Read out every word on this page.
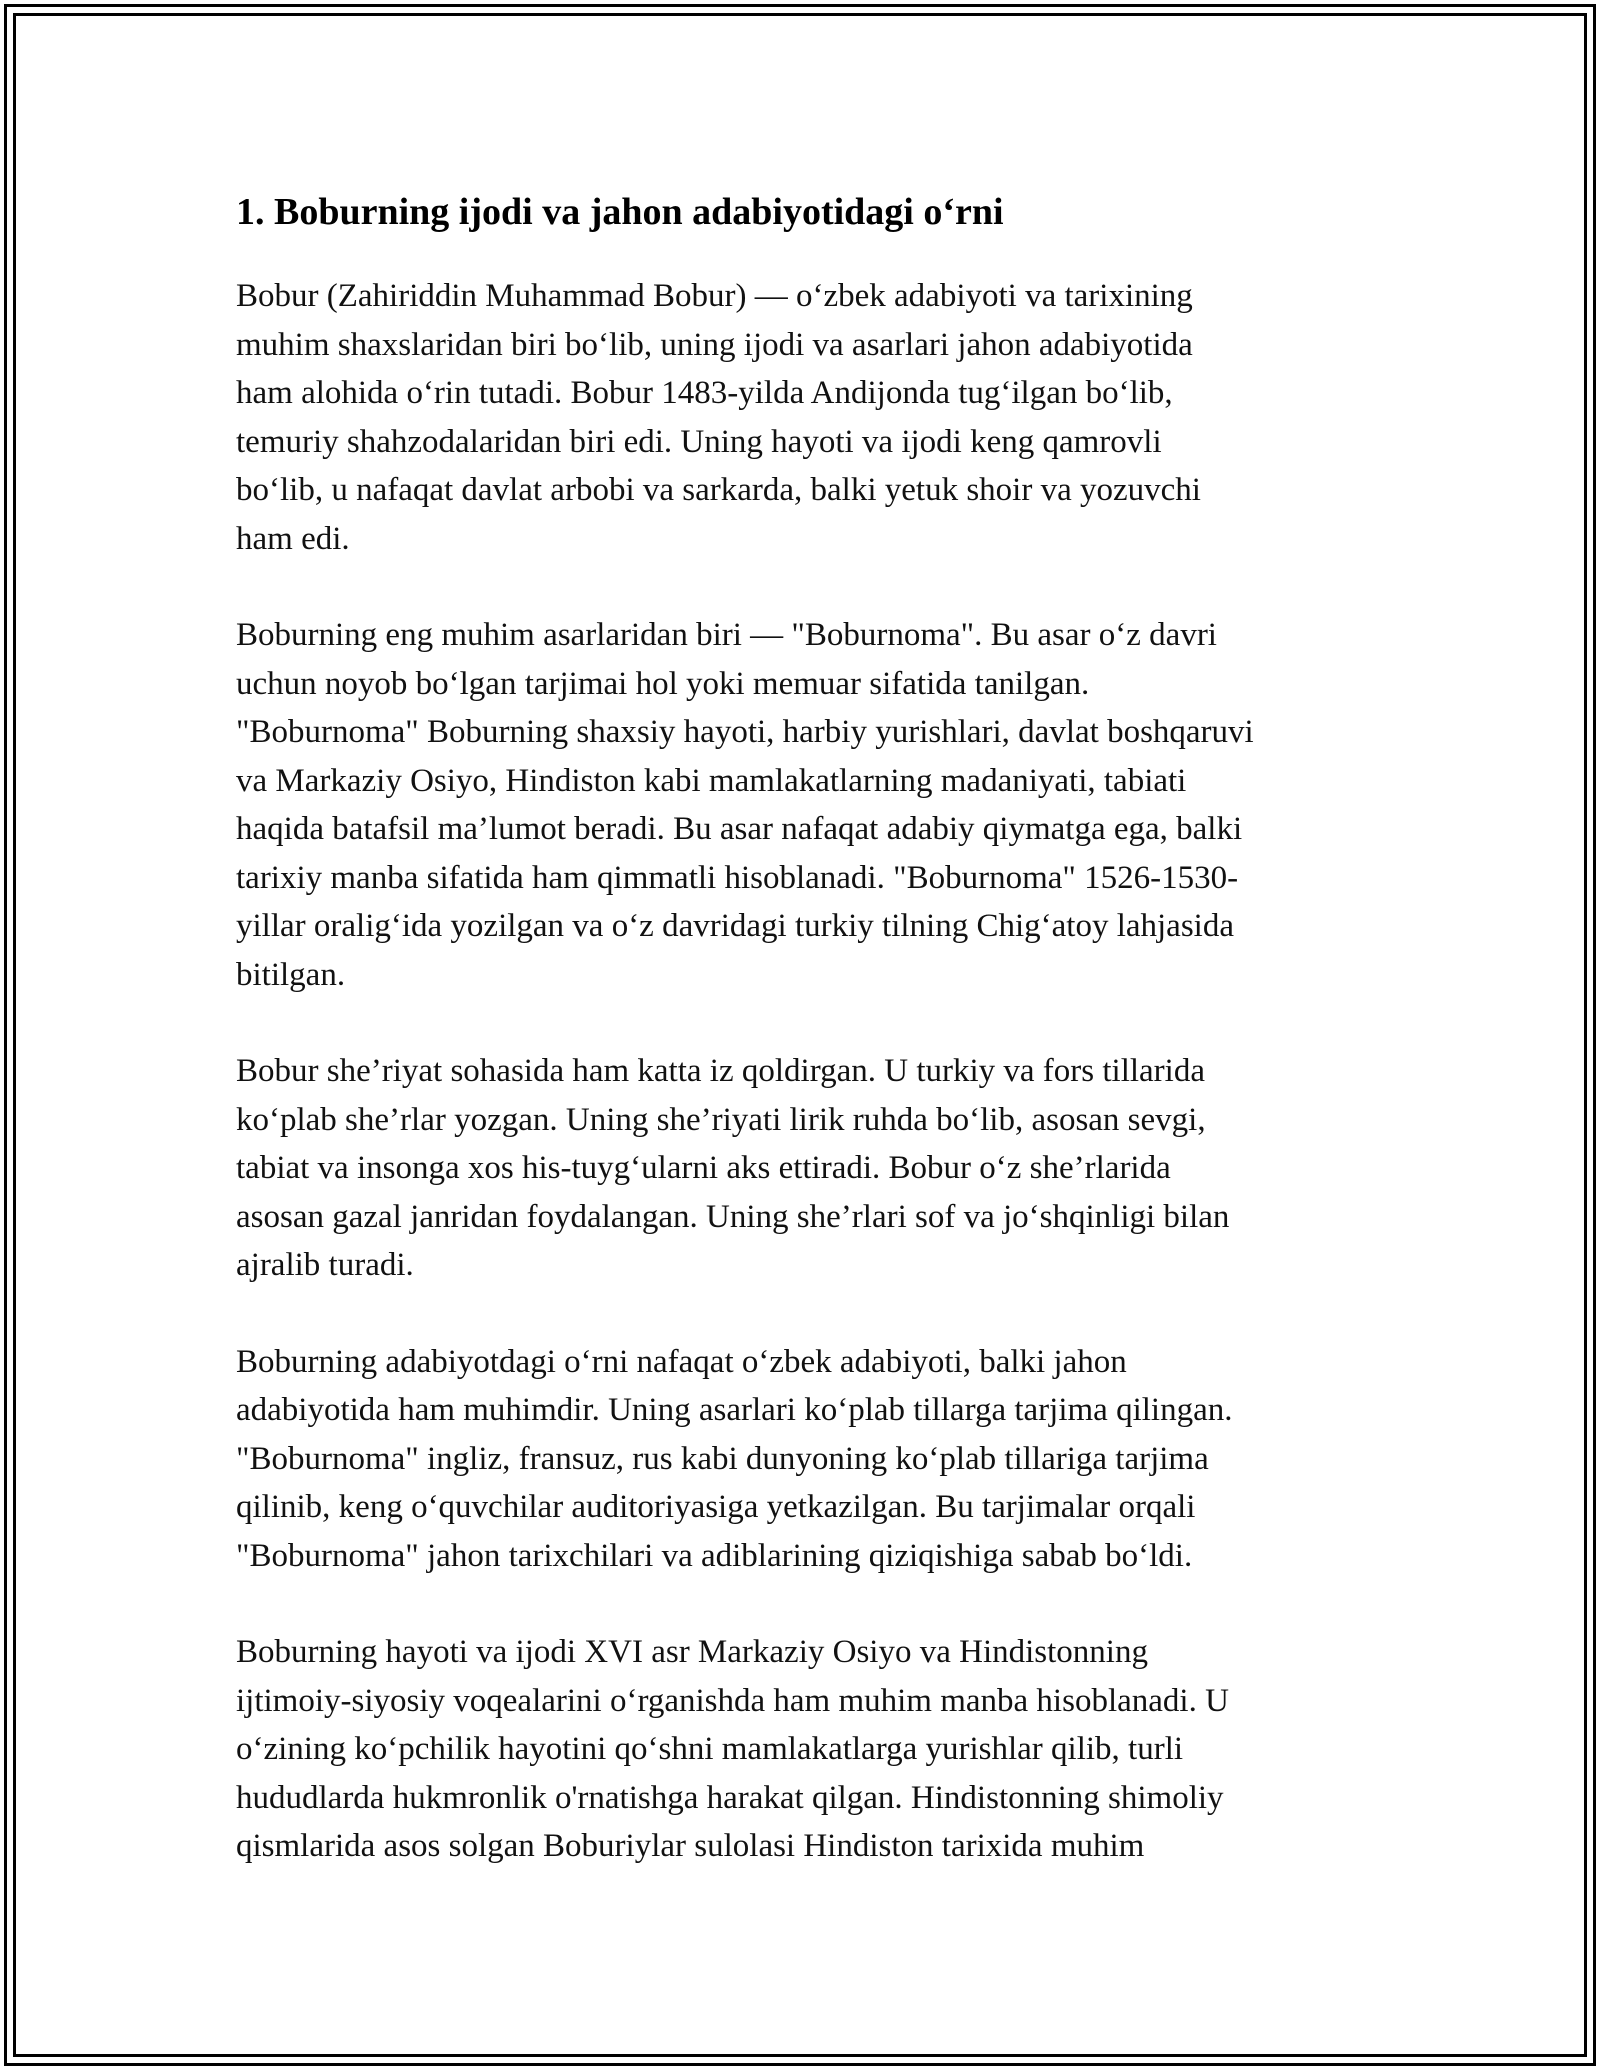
1. Boburning ijodi va jahon adabiyotidagi o‘rni

Bobur (Zahiriddin Muhammad Bobur) — o‘zbek adabiyoti va tarixining
muhim shaxslaridan biri bo‘lib, uning ijodi va asarlari jahon adabiyotida
ham alohida o‘rin tutadi. Bobur 1483-yilda Andijonda tug‘ilgan bo‘lib,
temuriy shahzodalaridan biri edi. Uning hayoti va ijodi keng qamrovli
bo‘lib, u nafaqat davlat arbobi va sarkarda, balki yetuk shoir va yozuvchi
ham edi.

Boburning eng muhim asarlaridan biri — "Boburnoma". Bu asar o‘z davri
uchun noyob bo‘lgan tarjimai hol yoki memuar sifatida tanilgan.
"Boburnoma" Boburning shaxsiy hayoti, harbiy yurishlari, davlat boshqaruvi
va Markaziy Osiyo, Hindiston kabi mamlakatlarning madaniyati, tabiati
haqida batafsil ma’lumot beradi. Bu asar nafaqat adabiy qiymatga ega, balki
tarixiy manba sifatida ham qimmatli hisoblanadi. "Boburnoma" 1526-1530-
yillar oralig‘ida yozilgan va o‘z davridagi turkiy tilning Chig‘atoy lahjasida
bitilgan.

Bobur she’riyat sohasida ham katta iz qoldirgan. U turkiy va fors tillarida
ko‘plab she’rlar yozgan. Uning she’riyati lirik ruhda bo‘lib, asosan sevgi,
tabiat va insonga xos his-tuyg‘ularni aks ettiradi. Bobur o‘z she’rlarida
asosan gazal janridan foydalangan. Uning she’rlari sof va jo‘shqinligi bilan
ajralib turadi.

Boburning adabiyotdagi o‘rni nafaqat o‘zbek adabiyoti, balki jahon
adabiyotida ham muhimdir. Uning asarlari ko‘plab tillarga tarjima qilingan.
"Boburnoma" ingliz, fransuz, rus kabi dunyoning ko‘plab tillariga tarjima
qilinib, keng o‘quvchilar auditoriyasiga yetkazilgan. Bu tarjimalar orqali
"Boburnoma" jahon tarixchilari va adiblarining qiziqishiga sabab bo‘ldi.

Boburning hayoti va ijodi XVI asr Markaziy Osiyo va Hindistonning
ijtimoiy-siyosiy voqealarini o‘rganishda ham muhim manba hisoblanadi. U
o‘zining ko‘pchilik hayotini qo‘shni mamlakatlarga yurishlar qilib, turli
hududlarda hukmronlik o'rnatishga harakat qilgan. Hindistonning shimoliy
qismlarida asos solgan Boburiylar sulolasi Hindiston tarixida muhim
